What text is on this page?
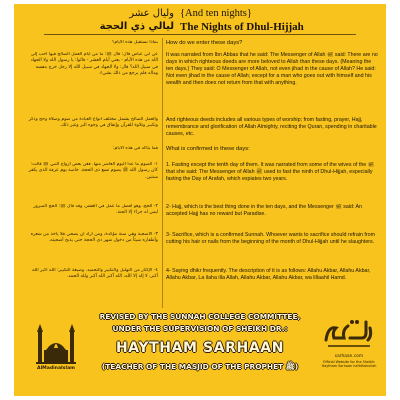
وليال عشر {And ten nights}
ليالي ذي الحجة The Nights of Dhul-Hijjah
بماذا نستقبل هذه الأيام؟ How do we enter these days?
عن ابن عباس قال: قال ﷺ: ما من أيام العمل الصالح فيها أحب إلى الله من هذه الأيام - يعني أيام العشر - قالوا: يا رسول الله ولا الجهاد في سبيل الله؟ قال: ولا الجهاد في سبيل الله إلا رجل خرج بنفسه وماله فلم يرجع من ذلك بشيء.
It was narrated from Ibn Abbas that he said: The Messenger of Allah ﷺ said: There are no days in which righteous deeds are more beloved to Allah than these days. (Meaning the ten days.) They said: O Messenger of Allah, not even jihad in the cause of Allah? He said: Not even jihad in the cause of Allah; except for a man who goes out with himself and his wealth and then does not return from that with anything.
والعمل الصالح يشمل مختلف أنواع العبادة من صوم وصلاة وحج وذكر وتكبير وتلاوة للقرآن وإنفاق في وجوه البر وغير ذلك.
And righteous deeds includes all various types of worship; from fasting, prayer, Hajj, remembrance and glorification of Allah Almighty, reciting the Quran, spending in charitable causes, etc.
فما يتأكد في هذه الأيام: What is confirmed in these days:
١- الصوم ما عدا اليوم العاشر منها. فعن بعض أزواج النبي ﷺ قالت: كان رسول الله ﷺ يصوم تسع ذي الحجة. خاصة يوم عرفة الذي يكفر سنتين.
1. Fasting except the tenth day of them. It was narrated from some of the wives of the ﷺ that she said: The Messenger of Allah ﷺ used to fast the ninth of Dhul-Hijjah, especially fasting the Day of Arafah, which expiates two years.
٢- الحج، وهو أفضل ما عمل في العشر، وقد قال ﷺ: الحج المبرور ليس له جزاء إلا الجنة.
2- Hajj, which is the best thing done in the ten days, and the Messenger ﷺ said: An accepted Hajj has no reward but Paradise.
٣- الأضحية وهي سنة مؤكدة، ومن أراد أن يضحي فلا يأخذ من شعره وأظفاره شيئاً من دخول شهر ذي الحجة حتى يذبح أضحيته.
3- Sacrifice, which is a confirmed Sunnah. Whoever wants to sacrifice should refrain from cutting his hair or nails from the beginning of the month of Dhul-Hijjah until he slaughters.
٤- الإكثار من التهليل والتكبير والتحميد. وصيغة التكبير: الله أكبر الله أكبر، لا إله إلا الله، الله أكبر الله أكبر ولله الحمد.
4- Saying dhikr frequently. The description of it is as follows: Allahu Akbar, Allahu Akbar, Allahu Akbar, La ilaha illa Allah, Allahu Akbar, Allahu Akbar, wa lillaahil Hamd.
AlMadinaIslam
REVISED BY THE SUNNAH COLLEGE COMMITTEE,
UNDER THE SUPERVISION OF SHEIKH DR.:
HAYTHAM SARHAAN
(TEACHER OF THE MASJID OF THE PROPHET ﷺ)
sarhaan.com
Official Website for the Sheikh: Haytham Sarhaan hafidhahullah
